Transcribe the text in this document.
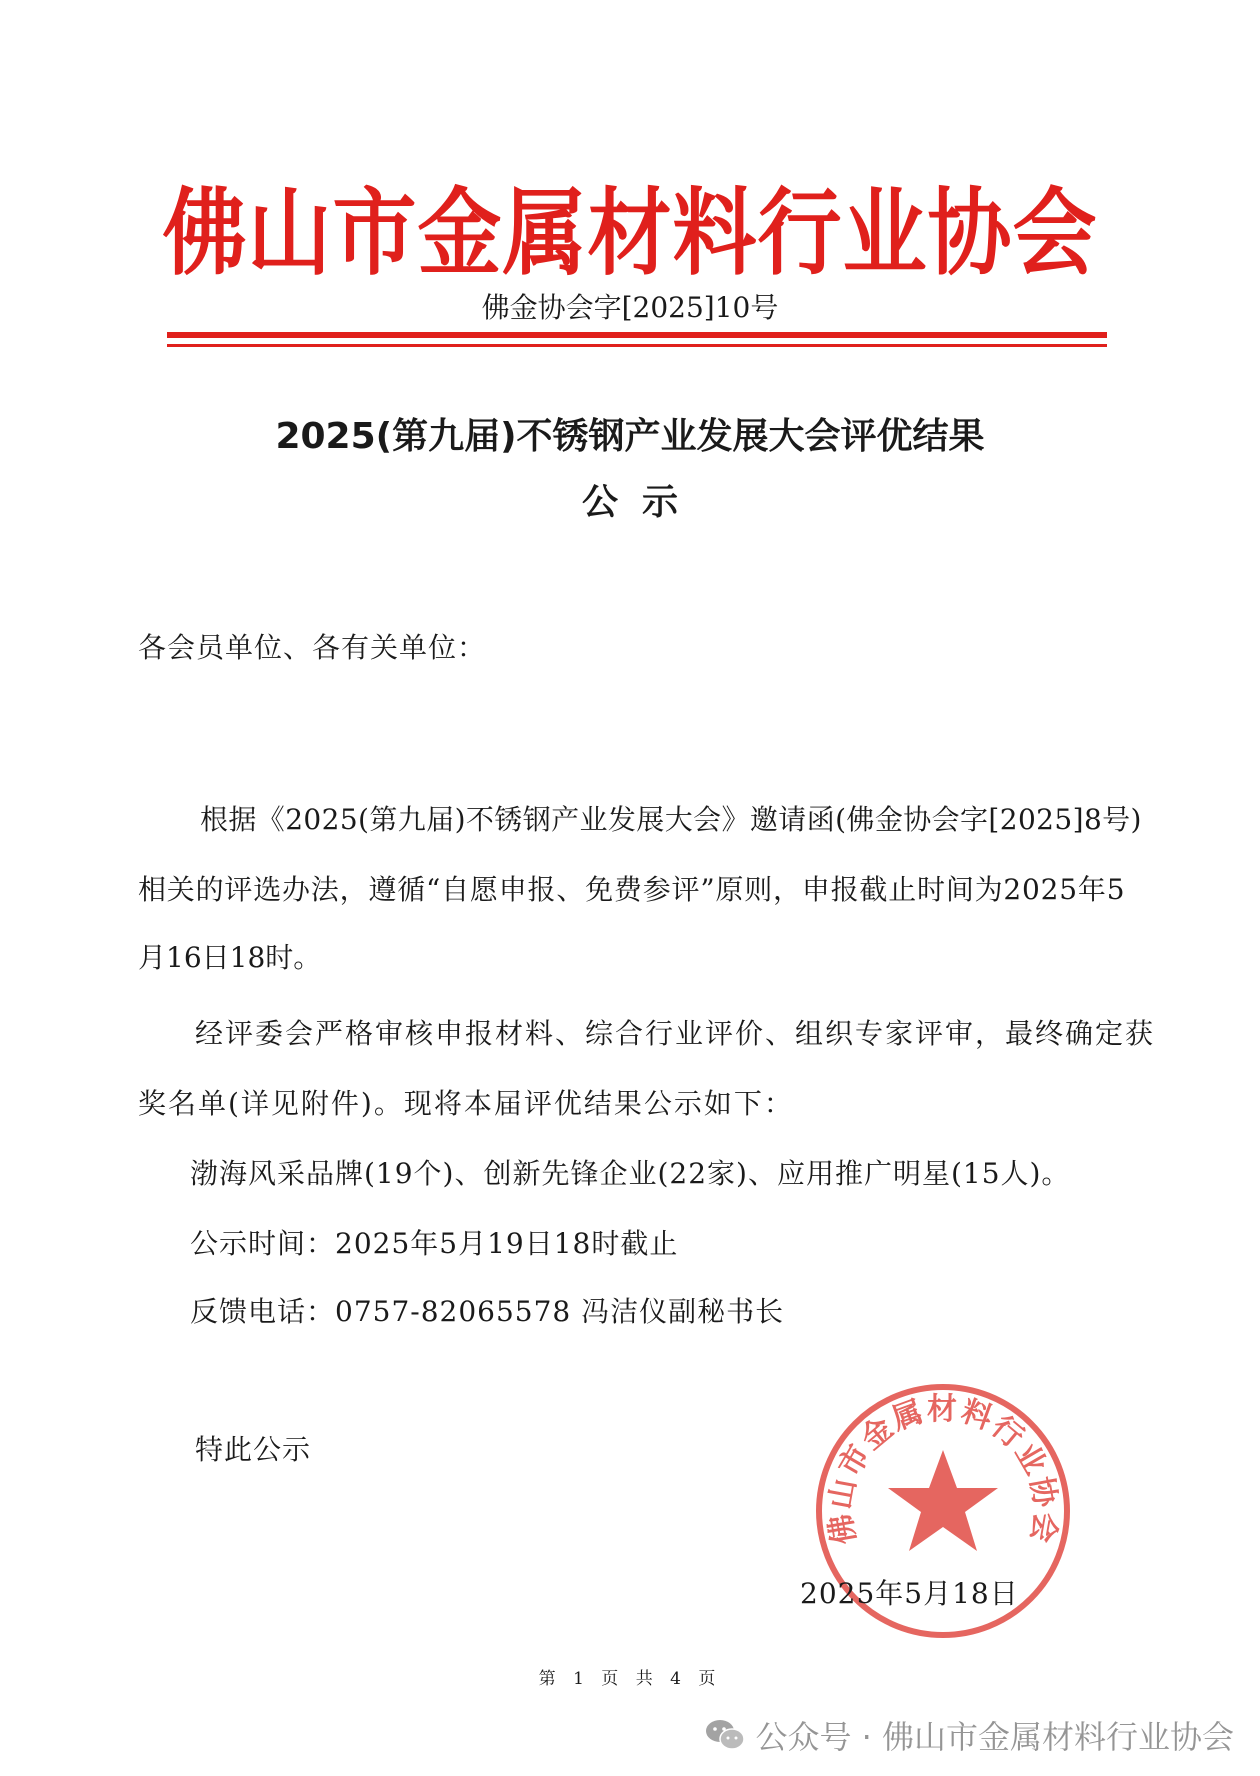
佛山市金属材料行业协会
佛金协会字[2025]10号
2025(第九届)不锈钢产业发展大会评优结果
公示
各会员单位、各有关单位：
根据《2025(第九届)不锈钢产业发展大会》邀请函(佛金协会字[2025]8号)
相关的评选办法，遵循“自愿申报、免费参评”原则，申报截止时间为2025年5
月16日18时。
经评委会严格审核申报材料、综合行业评价、组织专家评审，最终确定获
奖名单(详见附件)。现将本届评优结果公示如下：
渤海风采品牌(19个)、创新先锋企业(22家)、应用推广明星(15人)。
公示时间：2025年5月19日18时截止
反馈电话：0757-82065578 冯洁仪副秘书长
特此公示
佛山市金属材料行业协会
2025年5月18日
第 1 页 共 4 页
公众号 · 佛山市金属材料行业协会
